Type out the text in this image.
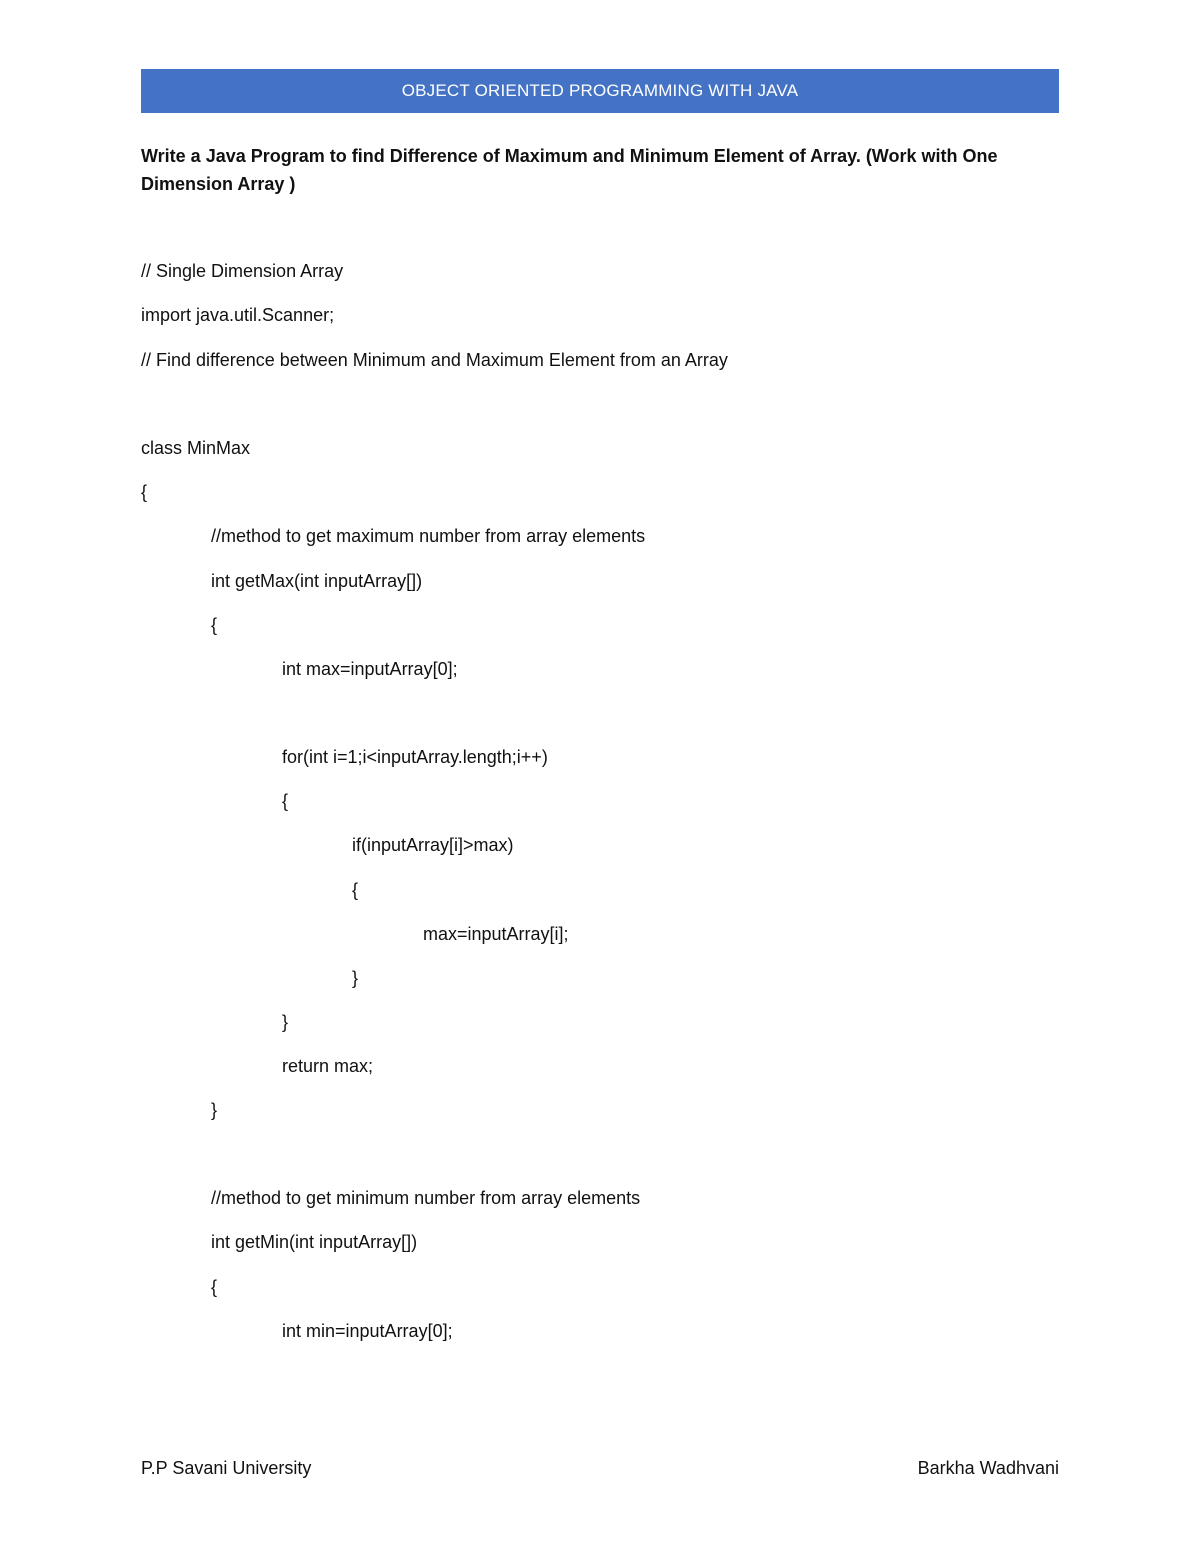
OBJECT ORIENTED PROGRAMMING WITH JAVA
Write a Java Program to find Difference of Maximum and Minimum Element of Array. (Work with One Dimension Array )
// Single Dimension Array
import java.util.Scanner;
// Find difference between Minimum and Maximum Element from an Array
class MinMax
{
//method to get maximum number from array elements
int getMax(int inputArray[])
{
int max=inputArray[0];
for(int i=1;i<inputArray.length;i++)
{
if(inputArray[i]>max)
{
max=inputArray[i];
}
}
return max;
}
//method to get minimum number from array elements
int getMin(int inputArray[])
{
int min=inputArray[0];
P.P Savani University	Barkha Wadhvani
